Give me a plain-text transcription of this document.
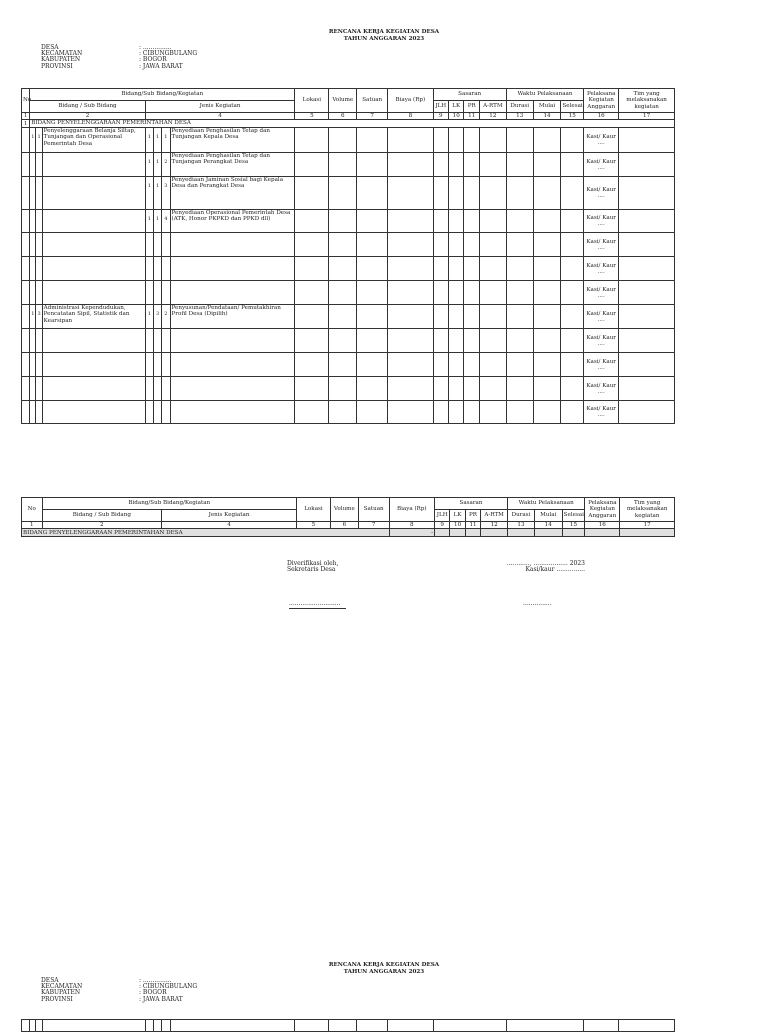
RENCANA KERJA KEGIATAN DESA
TAHUN ANGGARAN 2023
DESA	: ...............
KECAMATAN	: CIBUNGBULANG
KABUPATEN	: BOGOR
PROVINSI	: JAWA BARAT
No	Bidang/Sub Bidang/Kegiatan							Lokasi	Volume	Satuan	Biaya (Rp)	Sasaran				Waktu Pelaksanaan			Pelaksana Kegiatan Anggaran	Tim yang melaksanakan kegiatan
	Bidang / Sub Bidang			Jenis Kegiatan								JLH	LK	PR	A-RTM	Durasi	Mulai	Selesai		
1	2			4				5	6	7	8	9	10	11	12	13	14	15	16	17
1	BIDANG PENYELENGGARAAN PEMERINTAHAN DESA																			
	1	1	Penyelenggaraan Belanja Siltap, Tunjangan dan Operasional Pemerintah Desa	1	1	1	Penyediaan Penghasilan Tetap dan Tunjangan Kepala Desa												Kasi/ Kaur ....	
				1	1	2	Penyediaan Penghasilan Tetap dan Tunjangan Perangkat Desa												Kasi/ Kaur ....	
				1	1	3	Penyediaan Jaminan Sosial bagi Kepala Desa dan Perangkat Desa												Kasi/ Kaur ....	
				1	1	4	Penyediaan Operasional Pemerintah Desa (ATK, Honor PKPKD dan PPKD dll)												Kasi/ Kaur ....	
																			Kasi/ Kaur ....	
																			Kasi/ Kaur ....	
																			Kasi/ Kaur ....	
	1	3	Administrasi Kependudukan, Pencatatan Sipil, Statistik dan Kearsipan	1	3	2	Penyusunan/Pendataan/ Pemutakhiran Profil Desa (Dipilih)												Kasi/ Kaur ....	
																			Kasi/ Kaur ....	
																			Kasi/ Kaur ....	
																			Kasi/ Kaur ....	
																			Kasi/ Kaur ....	
No	Bidang/Sub Bidang/Kegiatan		Lokasi	Volume	Satuan	Biaya (Rp)	Sasaran				Waktu Pelaksanaan			Pelaksana Kegiatan Anggaran	Tim yang melaksanakan kegiatan
	Bidang / Sub Bidang	Jenis Kegiatan					JLH	LK	PR	A-RTM	Durasi	Mulai	Selesai		
1	2	4	5	6	7	8	9	10	11	12	13	14	15	16	17
BIDANG PENYELENGGARAAN PEMERINTAHAN DESA						-									
Diverifikasi oleh,
Sekretaris Desa
............, .................. 2023
Kasi/kaur ...............
...........................	...............
RENCANA KERJA KEGIATAN DESA
TAHUN ANGGARAN 2023
DESA	: ...............
KECAMATAN	: CIBUNGBULANG
KABUPATEN	: BOGOR
PROVINSI	: JAWA BARAT
